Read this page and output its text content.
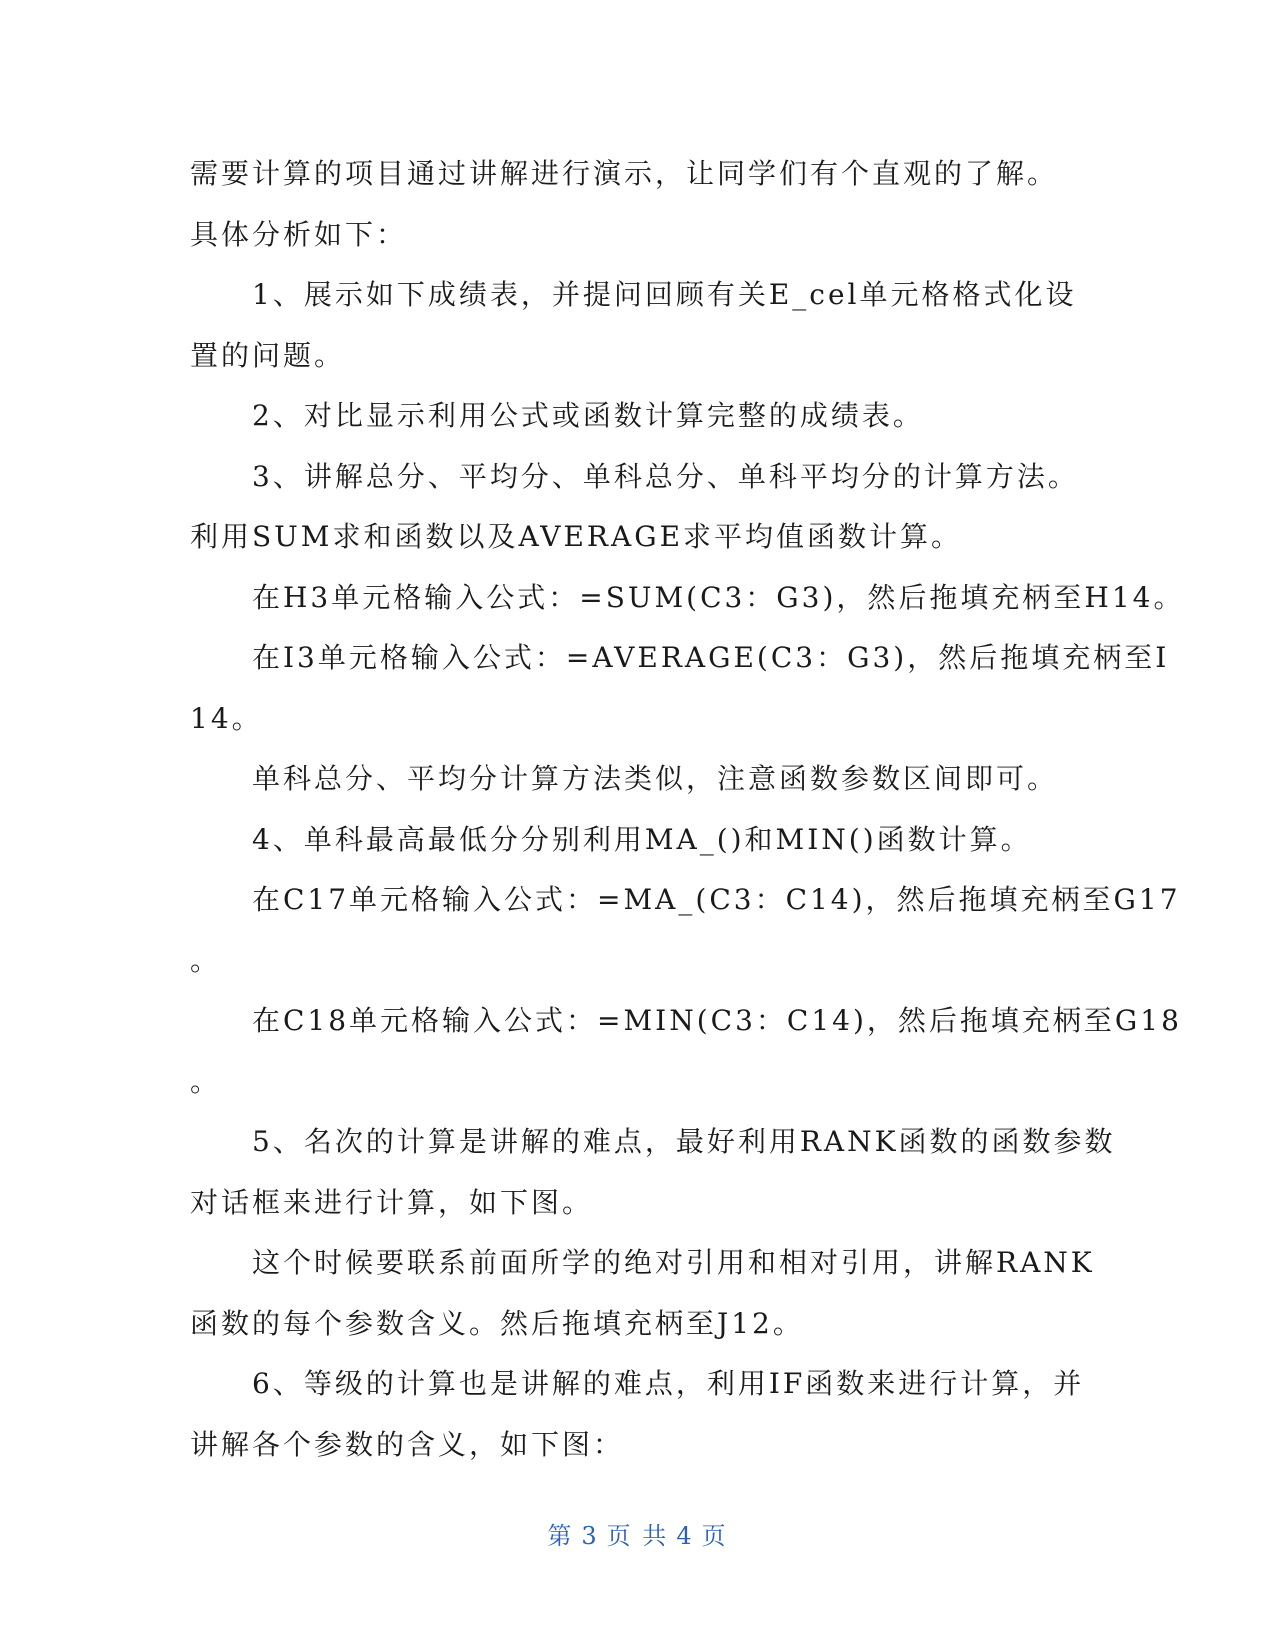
需要计算的项目通过讲解进行演示，让同学们有个直观的了解。
具体分析如下：
1、展示如下成绩表，并提问回顾有关E_cel单元格格式化设
置的问题。
2、对比显示利用公式或函数计算完整的成绩表。
3、讲解总分、平均分、单科总分、单科平均分的计算方法。
利用SUM求和函数以及AVERAGE求平均值函数计算。
在H3单元格输入公式：=SUM(C3：G3)，然后拖填充柄至H14。
在I3单元格输入公式：=AVERAGE(C3：G3)，然后拖填充柄至I
14。
单科总分、平均分计算方法类似，注意函数参数区间即可。
4、单科最高最低分分别利用MA_()和MIN()函数计算。
在C17单元格输入公式：=MA_(C3：C14)，然后拖填充柄至G17
。
在C18单元格输入公式：=MIN(C3：C14)，然后拖填充柄至G18
。
5、名次的计算是讲解的难点，最好利用RANK函数的函数参数
对话框来进行计算，如下图。
这个时候要联系前面所学的绝对引用和相对引用，讲解RANK
函数的每个参数含义。然后拖填充柄至J12。
6、等级的计算也是讲解的难点，利用IF函数来进行计算，并
讲解各个参数的含义，如下图：
第 3 页 共 4 页
